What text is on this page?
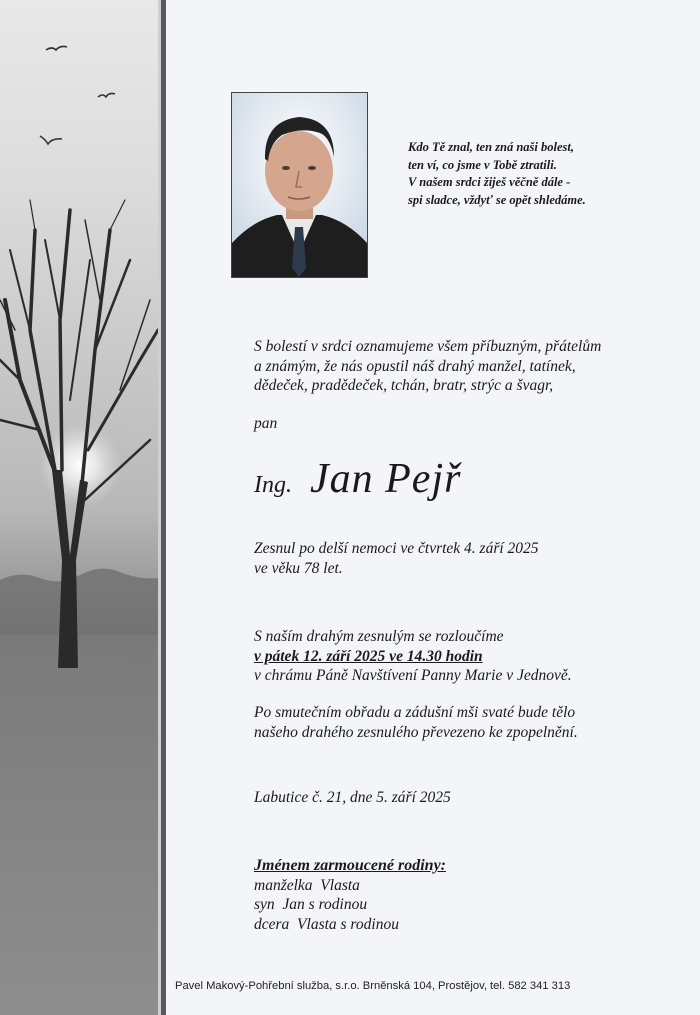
Kdo Tě znal, ten zná naši bolest,
ten ví, co jsme v Tobě ztratili.
V našem srdci žiješ věčně dále -
spi sladce, vždyť se opět shledáme.
S bolestí v srdci oznamujeme všem příbuzným, přátelům
a známým, že nás opustil náš drahý manžel, tatínek,
dědeček, pradědeček, tchán, bratr, strýc a švagr,
pan
Ing. Jan Pejř
Zesnul po delší nemoci ve čtvrtek 4. září 2025
ve věku 78 let.
S naším drahým zesnulým se rozloučíme
v pátek 12. září 2025 ve 14.30 hodin
v chrámu Páně Navštívení Panny Marie v Jednově.
Po smutečním obřadu a zádušní mši svaté bude tělo
našeho drahého zesnulého převezeno ke zpopelnění.
Labutice č. 21, dne 5. září 2025
Jménem zarmoucené rodiny:
manželka  Vlasta
syn  Jan s rodinou
dcera  Vlasta s rodinou
Pavel Makový-Pohřební služba, s.r.o. Brněnská 104, Prostějov, tel. 582 341 313
